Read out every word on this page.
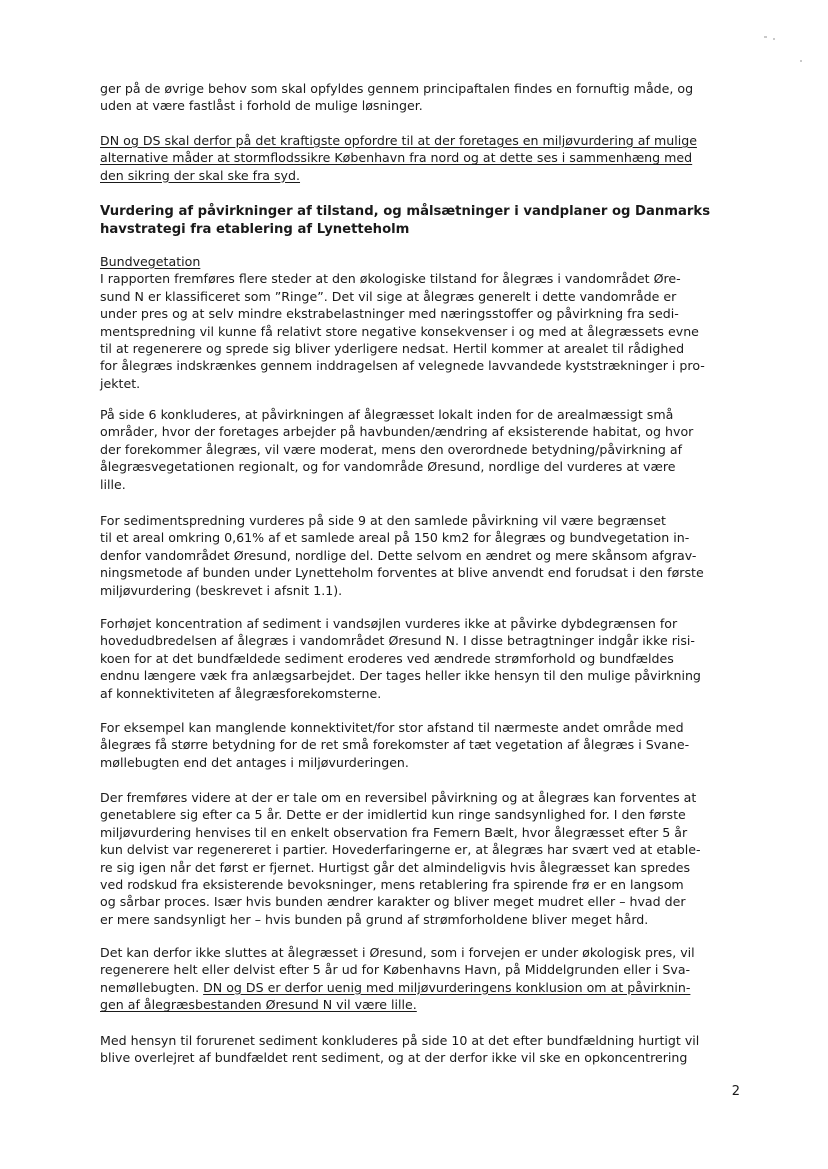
ger på de øvrige behov som skal opfyldes gennem principaftalen findes en fornuftig måde, og
uden at være fastlåst i forhold de mulige løsninger.
DN og DS skal derfor på det kraftigste opfordre til at der foretages en miljøvurdering af mulige
alternative måder at stormflodssikre København fra nord og at dette ses i sammenhæng med
den sikring der skal ske fra syd.
Vurdering af påvirkninger af tilstand, og målsætninger i vandplaner og Danmarks
havstrategi fra etablering af Lynetteholm
Bundvegetation
I rapporten fremføres flere steder at den økologiske tilstand for ålegræs i vandområdet Øre-
sund N er klassificeret som ”Ringe”. Det vil sige at ålegræs generelt i dette vandområde er
under pres og at selv mindre ekstrabelastninger med næringsstoffer og påvirkning fra sedi-
mentspredning vil kunne få relativt store negative konsekvenser i og med at ålegræssets evne
til at regenerere og sprede sig bliver yderligere nedsat. Hertil kommer at arealet til rådighed
for ålegræs indskrænkes gennem inddragelsen af velegnede lavvandede kyststrækninger i pro-
jektet.
På side 6 konkluderes, at påvirkningen af ålegræsset lokalt inden for de arealmæssigt små
områder, hvor der foretages arbejder på havbunden/ændring af eksisterende habitat, og hvor
der forekommer ålegræs, vil være moderat, mens den overordnede betydning/påvirkning af
ålegræsvegetationen regionalt, og for vandområde Øresund, nordlige del vurderes at være
lille.
For sedimentspredning vurderes på side 9 at den samlede påvirkning vil være begrænset
til et areal omkring 0,61% af et samlede areal på 150 km2 for ålegræs og bundvegetation in-
denfor vandområdet Øresund, nordlige del. Dette selvom en ændret og mere skånsom afgrav-
ningsmetode af bunden under Lynetteholm forventes at blive anvendt end forudsat i den første
miljøvurdering (beskrevet i afsnit 1.1).
Forhøjet koncentration af sediment i vandsøjlen vurderes ikke at påvirke dybdegrænsen for
hovedudbredelsen af ålegræs i vandområdet Øresund N. I disse betragtninger indgår ikke risi-
koen for at det bundfældede sediment eroderes ved ændrede strømforhold og bundfældes
endnu længere væk fra anlægsarbejdet. Der tages heller ikke hensyn til den mulige påvirkning
af konnektiviteten af ålegræsforekomsterne.
For eksempel kan manglende konnektivitet/for stor afstand til nærmeste andet område med
ålegræs få større betydning for de ret små forekomster af tæt vegetation af ålegræs i Svane-
møllebugten end det antages i miljøvurderingen.
Der fremføres videre at der er tale om en reversibel påvirkning og at ålegræs kan forventes at
genetablere sig efter ca 5 år. Dette er der imidlertid kun ringe sandsynlighed for. I den første
miljøvurdering henvises til en enkelt observation fra Femern Bælt, hvor ålegræsset efter 5 år
kun delvist var regenereret i partier. Hovederfaringerne er, at ålegræs har svært ved at etable-
re sig igen når det først er fjernet. Hurtigst går det almindeligvis hvis ålegræsset kan spredes
ved rodskud fra eksisterende bevoksninger, mens retablering fra spirende frø er en langsom
og sårbar proces. Især hvis bunden ændrer karakter og bliver meget mudret eller – hvad der
er mere sandsynligt her – hvis bunden på grund af strømforholdene bliver meget hård.
Det kan derfor ikke sluttes at ålegræsset i Øresund, som i forvejen er under økologisk pres, vil
regenerere helt eller delvist efter 5 år ud for Københavns Havn, på Middelgrunden eller i Sva-
nemøllebugten. DN og DS er derfor uenig med miljøvurderingens konklusion om at påvirknin-
gen af ålegræsbestanden Øresund N vil være lille.
Med hensyn til forurenet sediment konkluderes på side 10 at det efter bundfældning hurtigt vil
blive overlejret af bundfældet rent sediment, og at der derfor ikke vil ske en opkoncentrering
2
